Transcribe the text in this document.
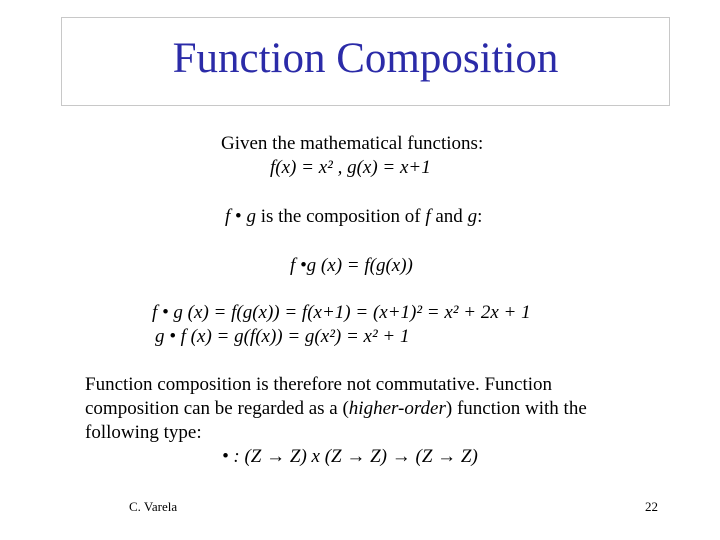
Function Composition
Given the mathematical functions:
f(x) = x² , g(x) = x+1
f • g is the composition of f and g:
f •g (x) = f(g(x))
f • g (x) = f(g(x)) = f(x+1) = (x+1)² = x² + 2x + 1
g • f (x) = g(f(x)) = g(x²) = x² + 1
Function composition is therefore not commutative. Function
composition can be regarded as a (higher-order) function with the
following type:
• : (Z → Z) x (Z → Z) → (Z → Z)
C. Varela	22
